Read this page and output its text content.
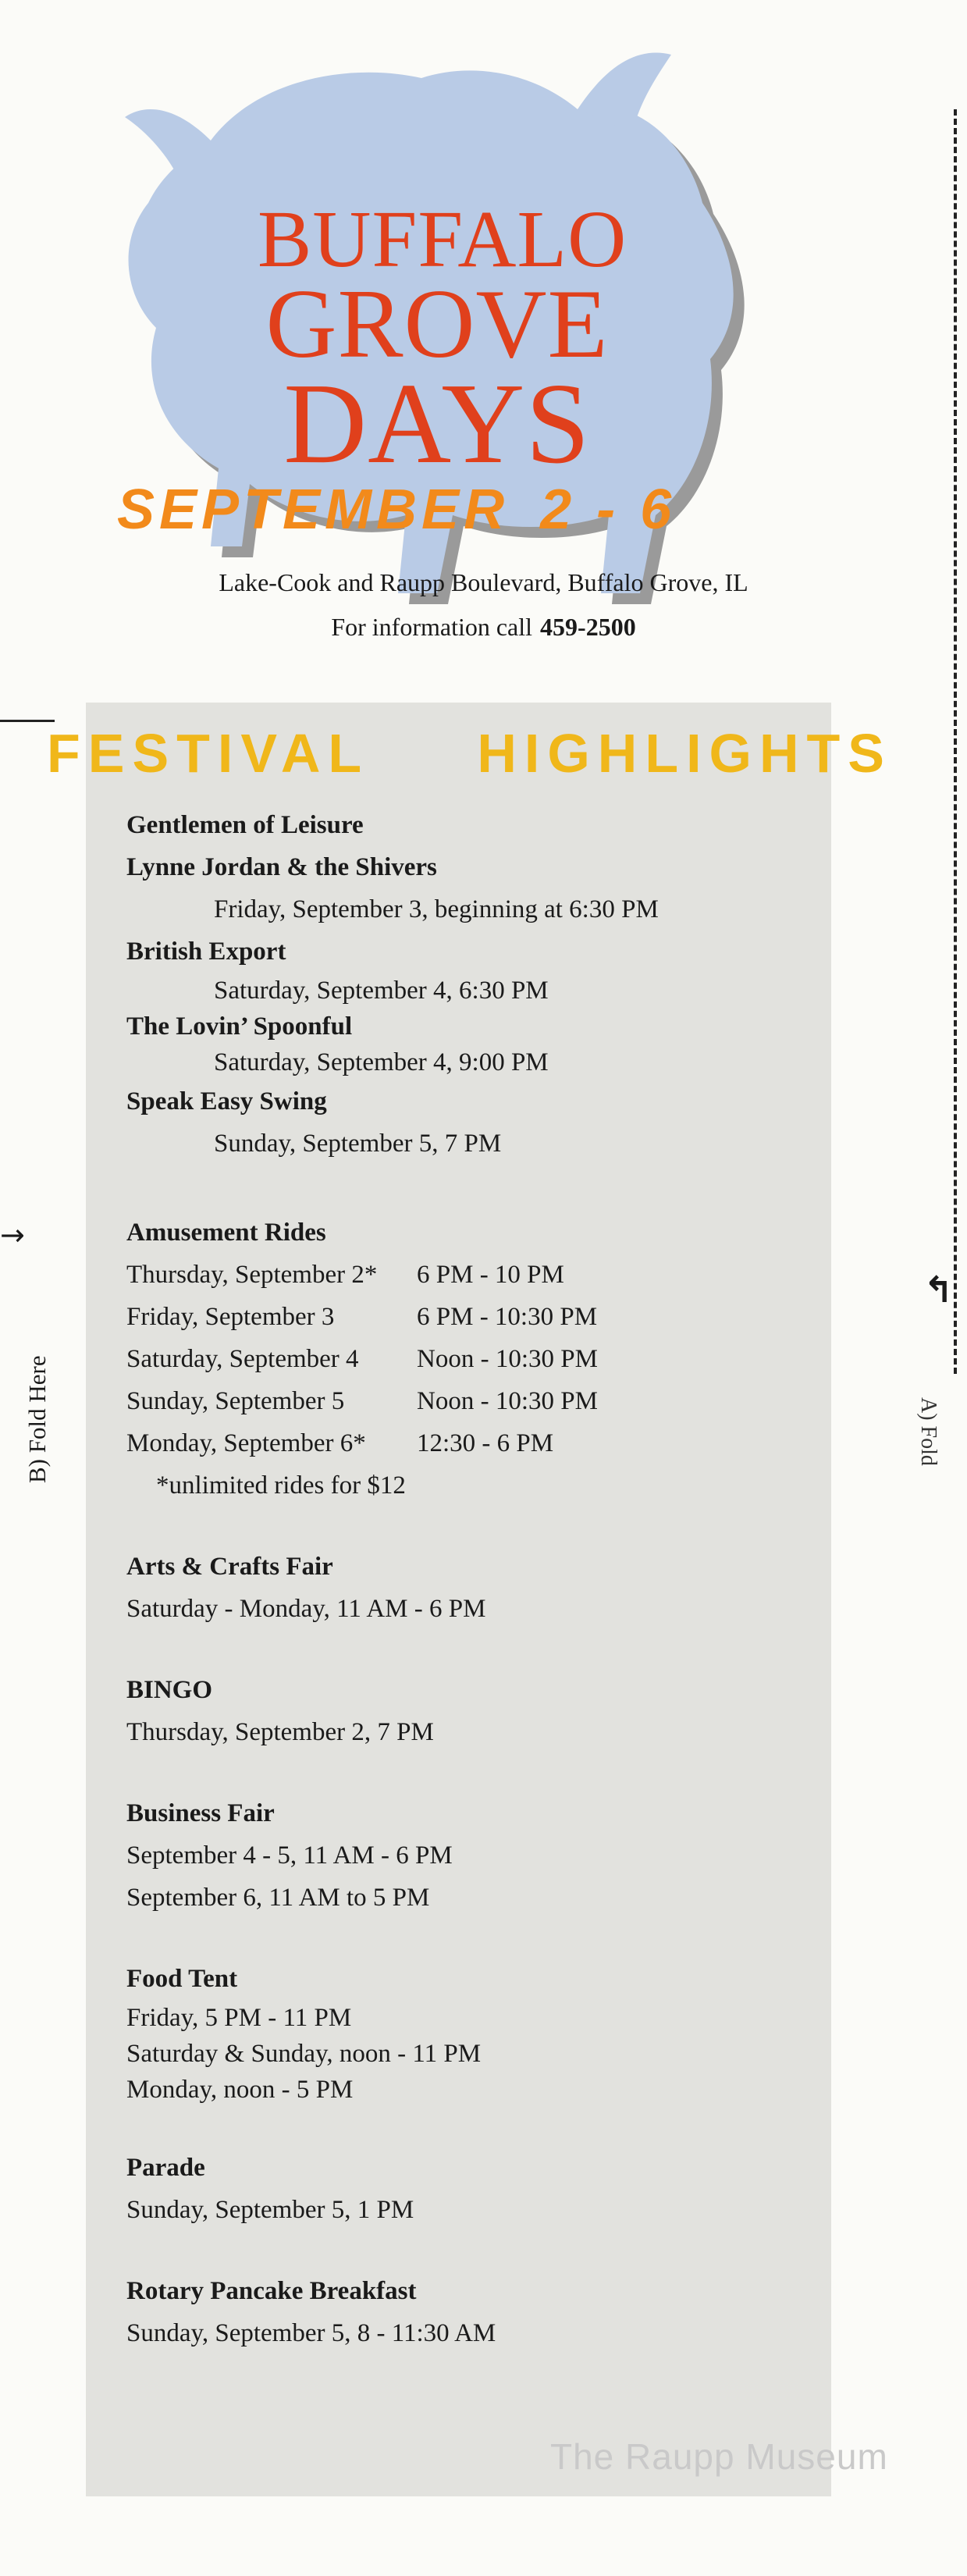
BUFFALO
GROVE
DAYS
SEPTEMBER 2 - 6
Lake-Cook and Raupp Boulevard, Buffalo Grove, IL
For information call 459-2500
FESTIVAL HIGHLIGHTS
Gentlemen of Leisure
Lynne Jordan & the Shivers
Friday, September 3, beginning at 6:30 PM
British Export
Saturday, September 4, 6:30 PM
The Lovin’ Spoonful
Saturday, September 4, 9:00 PM
Speak Easy Swing
Sunday, September 5, 7 PM
Amusement Rides
Thursday, September 2* 6 PM - 10 PM
Friday, September 3	6 PM - 10:30 PM
Saturday, September 4 Noon - 10:30 PM
Sunday, September 5	Noon - 10:30 PM
Monday, September 6* 12:30 - 6 PM
*unlimited rides for $12
Arts & Crafts Fair
Saturday - Monday, 11 AM - 6 PM
BINGO
Thursday, September 2, 7 PM
Business Fair
September 4 - 5, 11 AM - 6 PM
September 6, 11 AM to 5 PM
Food Tent
Friday, 5 PM - 11 PM
Saturday & Sunday, noon - 11 PM
Monday, noon - 5 PM
Parade
Sunday, September 5, 1 PM
Rotary Pancake Breakfast
Sunday, September 5, 8 - 11:30 AM
→
B) Fold Here
↰
A) Fold
The Raupp Museum
